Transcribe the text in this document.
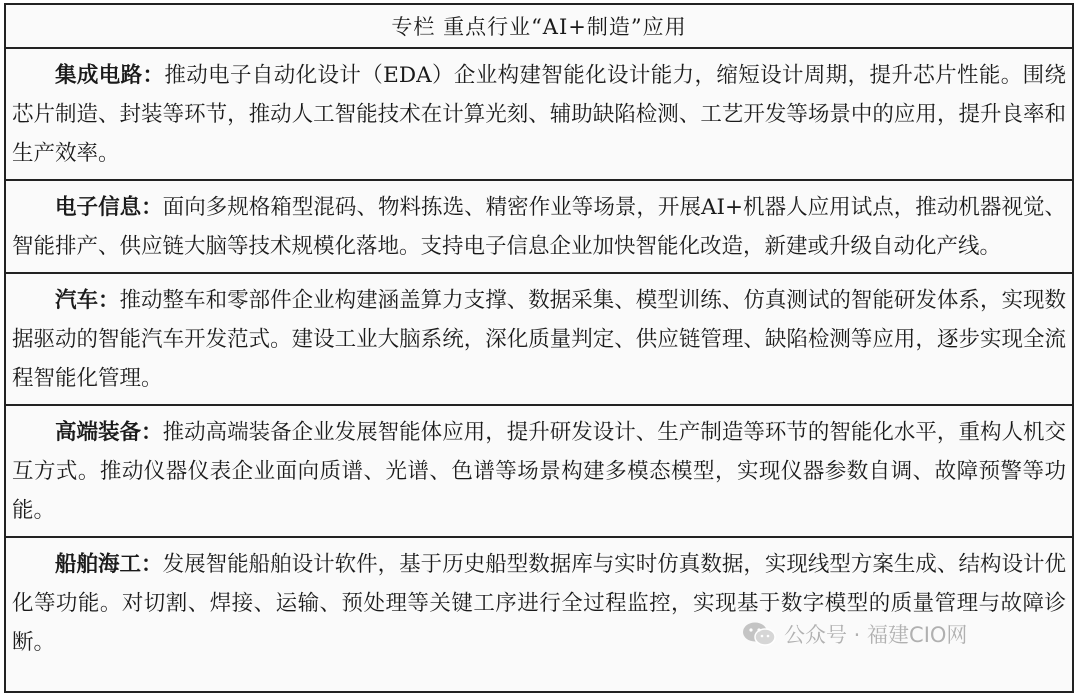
专栏 重点行业“AI+制造”应用

集成电路：推动电子自动化设计（EDA）企业构建智能化设计能力，缩短设计周期，提升芯片性能。围绕芯片制造、封装等环节，推动人工智能技术在计算光刻、辅助缺陷检测、工艺开发等场景中的应用，提升良率和生产效率。

电子信息：面向多规格箱型混码、物料拣选、精密作业等场景，开展AI+机器人应用试点，推动机器视觉、智能排产、供应链大脑等技术规模化落地。支持电子信息企业加快智能化改造，新建或升级自动化产线。

汽车：推动整车和零部件企业构建涵盖算力支撑、数据采集、模型训练、仿真测试的智能研发体系，实现数据驱动的智能汽车开发范式。建设工业大脑系统，深化质量判定、供应链管理、缺陷检测等应用，逐步实现全流程智能化管理。

高端装备：推动高端装备企业发展智能体应用，提升研发设计、生产制造等环节的智能化水平，重构人机交互方式。推动仪器仪表企业面向质谱、光谱、色谱等场景构建多模态模型，实现仪器参数自调、故障预警等功能。

船舶海工：发展智能船舶设计软件，基于历史船型数据库与实时仿真数据，实现线型方案生成、结构设计优化等功能。对切割、焊接、运输、预处理等关键工序进行全过程监控，实现基于数字模型的质量管理与故障诊断。	公众号 · 福建CIO网
